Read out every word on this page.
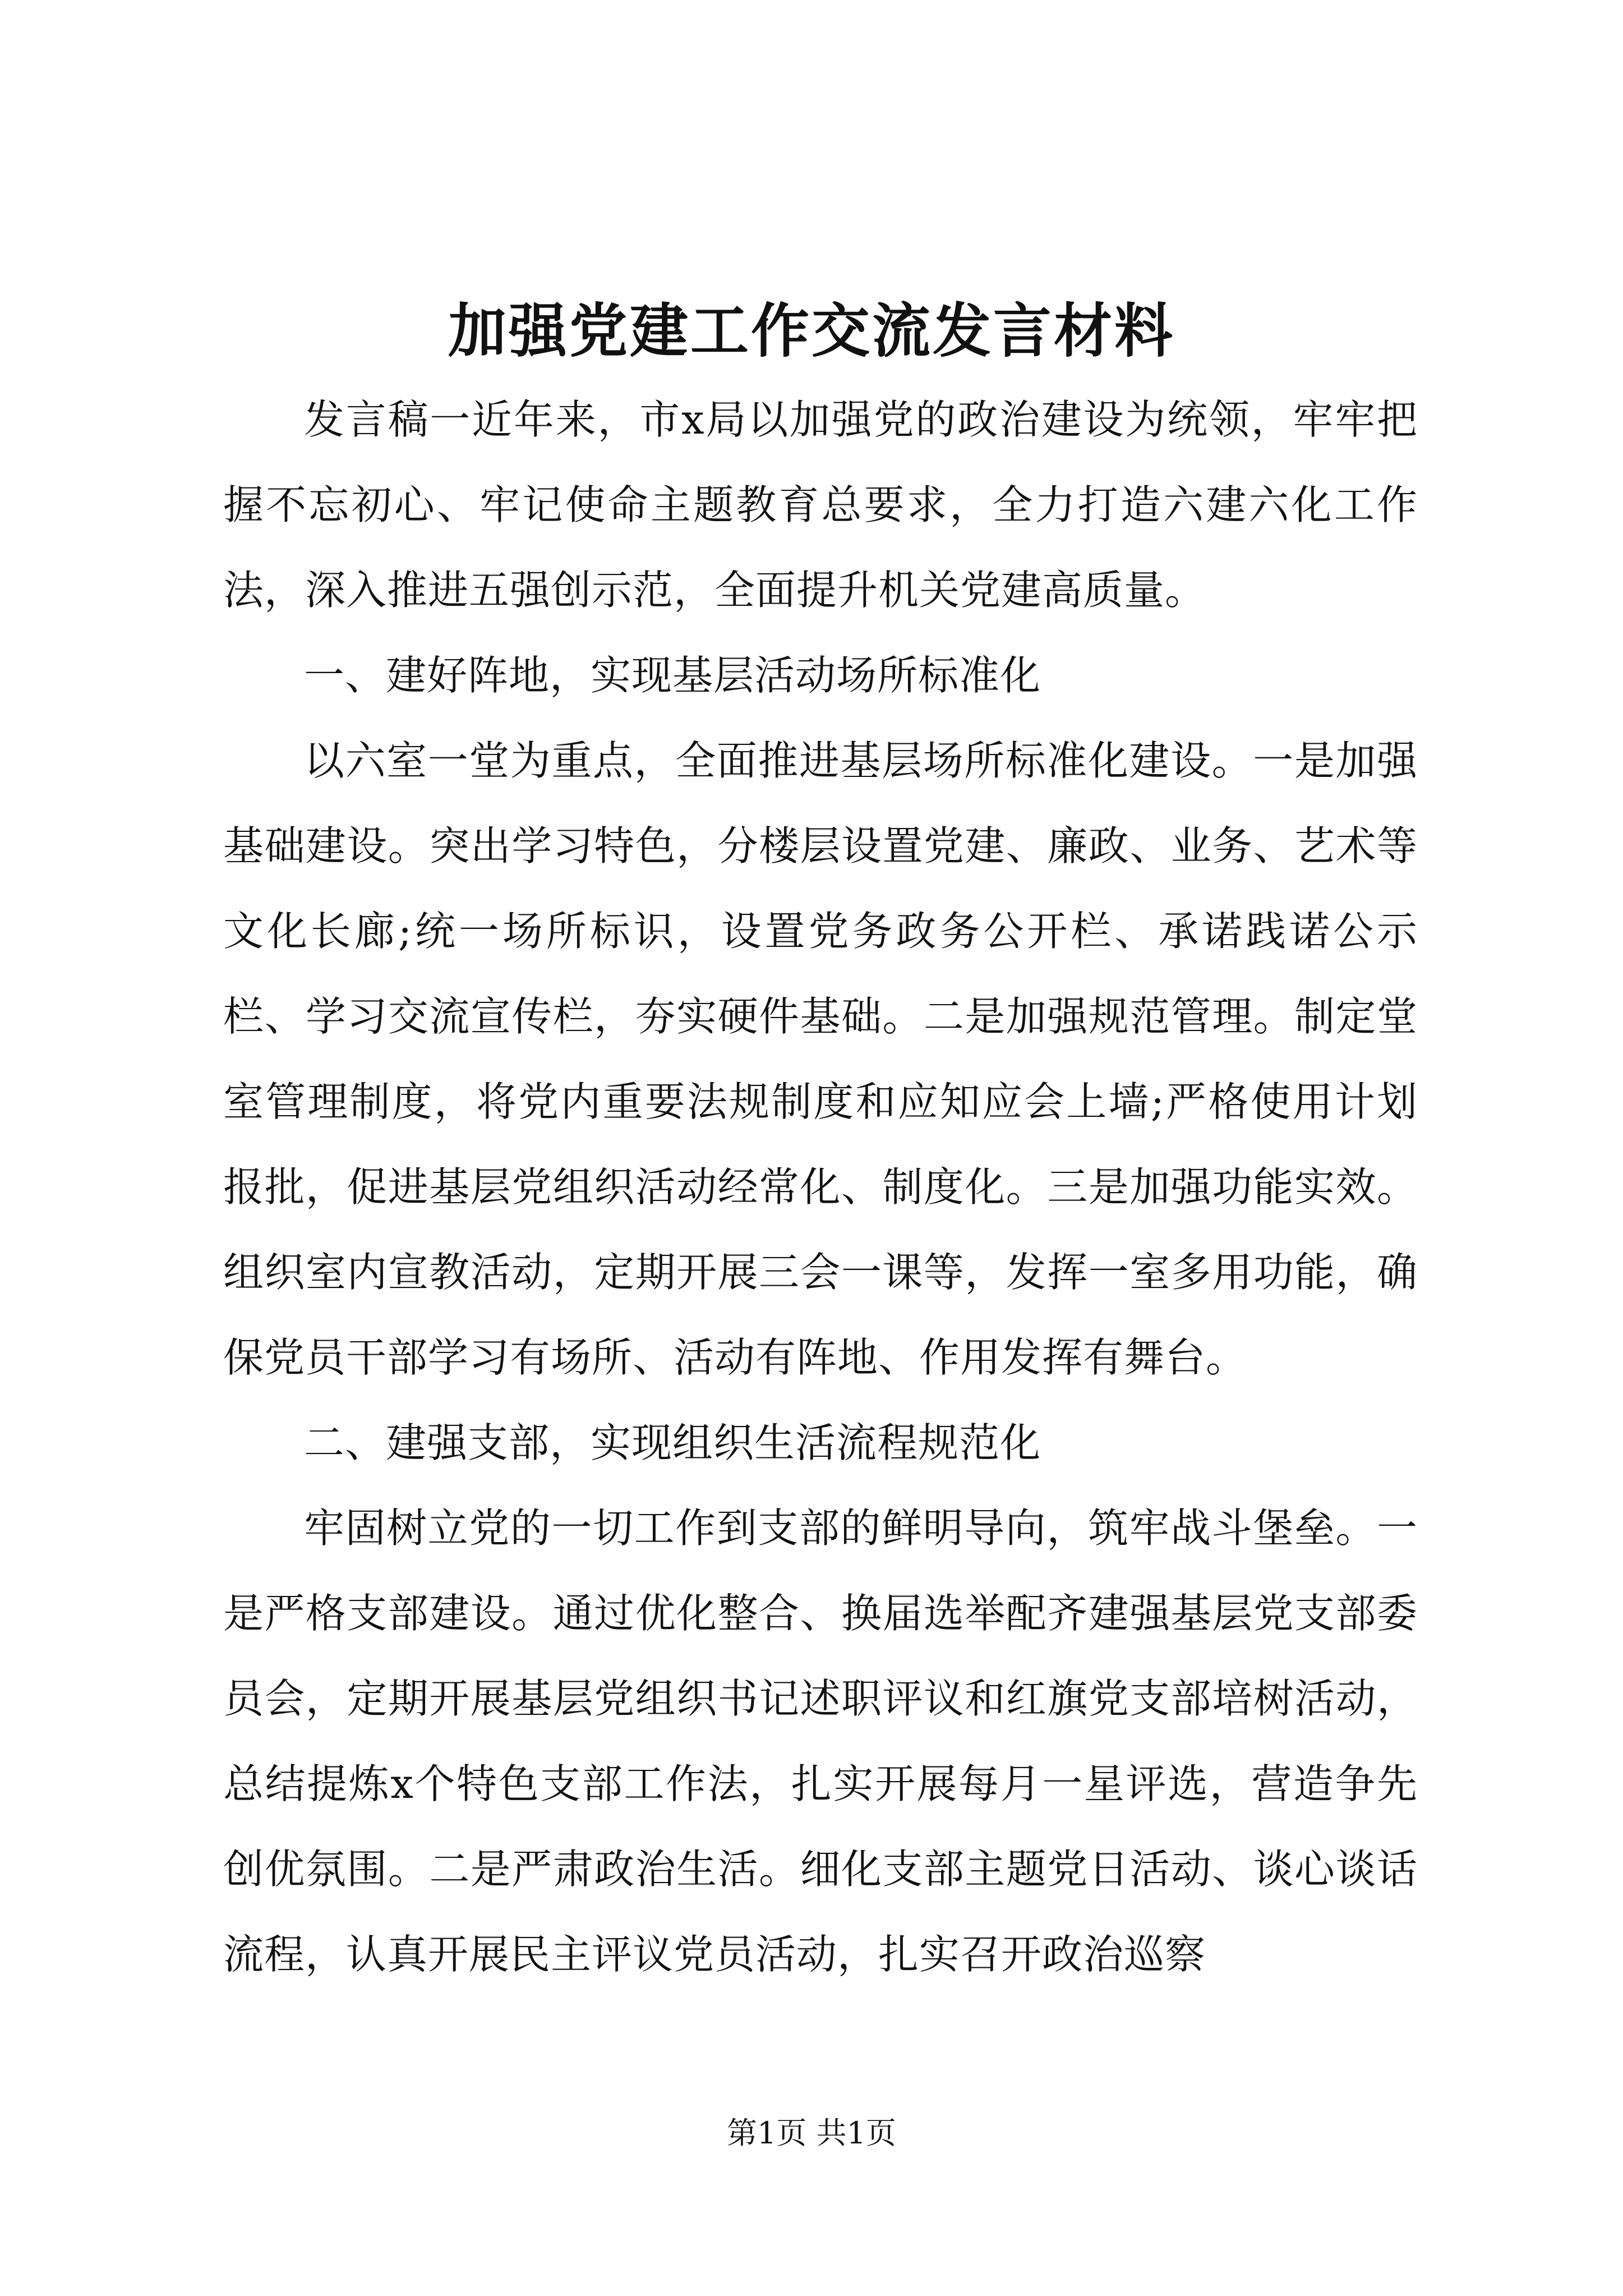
加强党建工作交流发言材料

发言稿一近年来，市x局以加强党的政治建设为统领，牢牢把握不忘初心、牢记使命主题教育总要求，全力打造六建六化工作法，深入推进五强创示范，全面提升机关党建高质量。

一、建好阵地，实现基层活动场所标准化

以六室一堂为重点，全面推进基层场所标准化建设。一是加强基础建设。突出学习特色，分楼层设置党建、廉政、业务、艺术等文化长廊;统一场所标识，设置党务政务公开栏、承诺践诺公示栏、学习交流宣传栏，夯实硬件基础。二是加强规范管理。制定堂室管理制度，将党内重要法规制度和应知应会上墙;严格使用计划报批，促进基层党组织活动经常化、制度化。三是加强功能实效。组织室内宣教活动，定期开展三会一课等，发挥一室多用功能，确保党员干部学习有场所、活动有阵地、作用发挥有舞台。

二、建强支部，实现组织生活流程规范化

牢固树立党的一切工作到支部的鲜明导向，筑牢战斗堡垒。一是严格支部建设。通过优化整合、换届选举配齐建强基层党支部委员会，定期开展基层党组织书记述职评议和红旗党支部培树活动，总结提炼x个特色支部工作法，扎实开展每月一星评选，营造争先创优氛围。二是严肃政治生活。细化支部主题党日活动、谈心谈话流程，认真开展民主评议党员活动，扎实召开政治巡察

第1页 共1页
